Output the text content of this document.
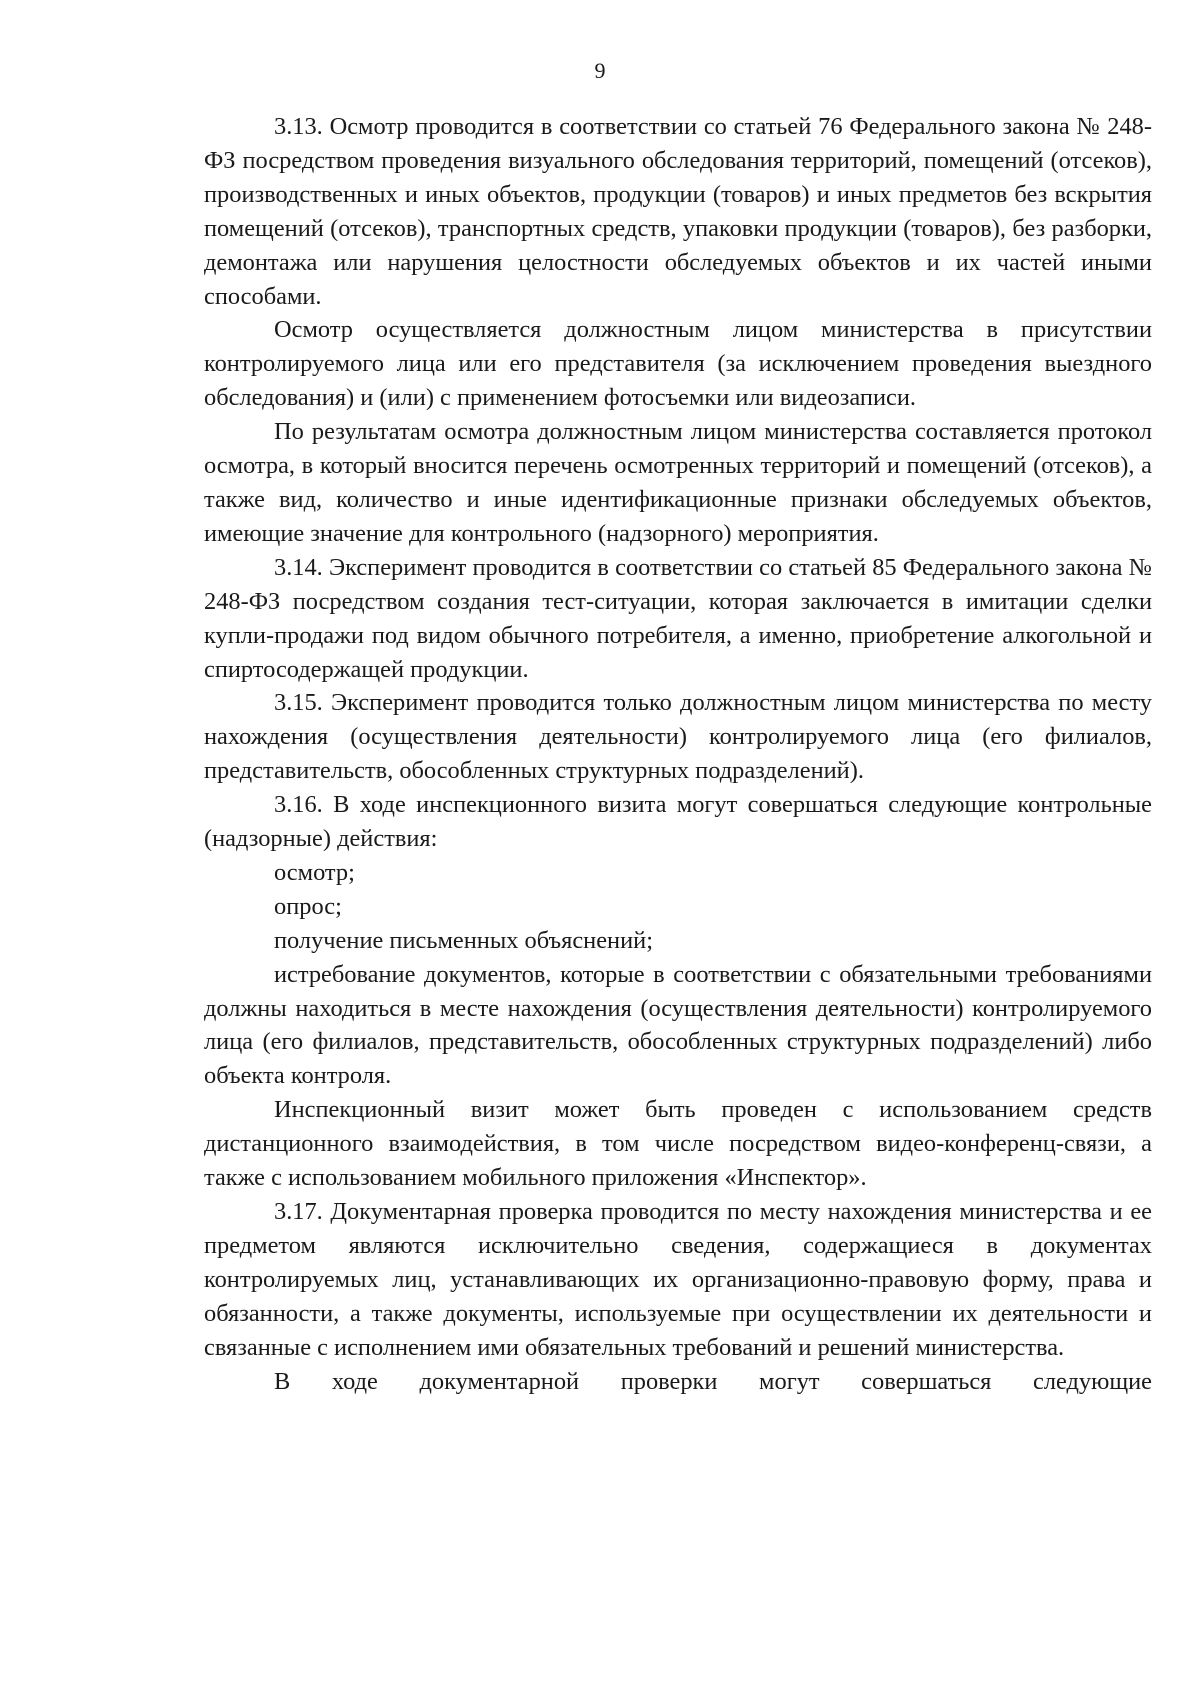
9

3.13. Осмотр проводится в соответствии со статьей 76 Федерального закона № 248-ФЗ посредством проведения визуального обследования территорий, помещений (отсеков), производственных и иных объектов, продукции (товаров) и иных предметов без вскрытия помещений (отсеков), транспортных средств, упаковки продукции (товаров), без разборки, демонтажа или нарушения целостности обследуемых объектов и их частей иными способами.

Осмотр осуществляется должностным лицом министерства в присутствии контролируемого лица или его представителя (за исключением проведения выездного обследования) и (или) с применением фотосъемки или видеозаписи.

По результатам осмотра должностным лицом министерства составляется протокол осмотра, в который вносится перечень осмотренных территорий и помещений (отсеков), а также вид, количество и иные идентификационные признаки обследуемых объектов, имеющие значение для контрольного (надзорного) мероприятия.

3.14. Эксперимент проводится в соответствии со статьей 85 Федерального закона № 248-ФЗ посредством создания тест-ситуации, которая заключается в имитации сделки купли-продажи под видом обычного потребителя, а именно, приобретение алкогольной и спиртосодержащей продукции.

3.15. Эксперимент проводится только должностным лицом министерства по месту нахождения (осуществления деятельности) контролируемого лица (его филиалов, представительств, обособленных структурных подразделений).

3.16. В ходе инспекционного визита могут совершаться следующие контрольные (надзорные) действия:

осмотр;

опрос;

получение письменных объяснений;

истребование документов, которые в соответствии с обязательными требованиями должны находиться в месте нахождения (осуществления деятельности) контролируемого лица (его филиалов, представительств, обособленных структурных подразделений) либо объекта контроля.

Инспекционный визит может быть проведен с использованием средств дистанционного взаимодействия, в том числе посредством видео-конференц-связи, а также с использованием мобильного приложения «Инспектор».

3.17. Документарная проверка проводится по месту нахождения министерства и ее предметом являются исключительно сведения, содержащиеся в документах контролируемых лиц, устанавливающих их организационно-правовую форму, права и обязанности, а также документы, используемые при осуществлении их деятельности и связанные с исполнением ими обязательных требований и решений министерства.

В ходе документарной проверки могут совершаться следующие
